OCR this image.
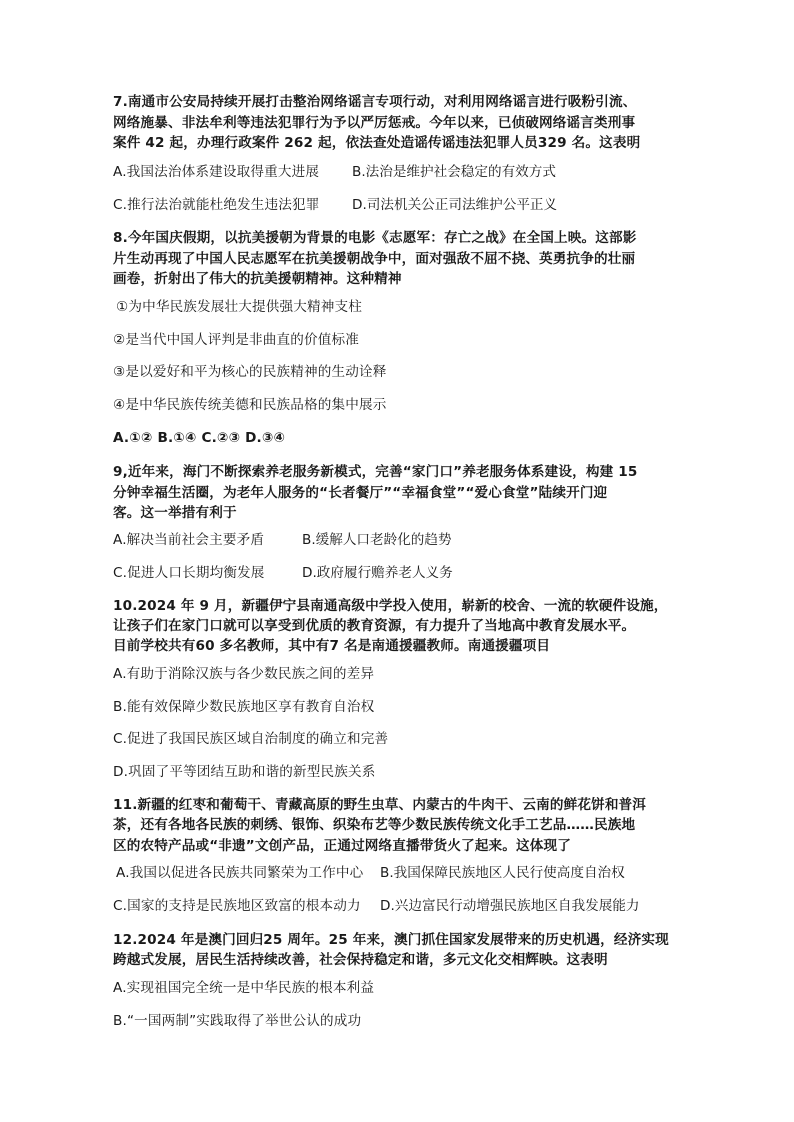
7.南通市公安局持续开展打击整治网络谣言专项行动，对利用网络谣言进行吸粉引流、
网络施暴、非法牟利等违法犯罪行为予以严厉惩戒。今年以来，已侦破网络谣言类刑事
案件 42 起，办理行政案件 262 起，依法查处造谣传谣违法犯罪人员329 名。这表明
A.我国法治体系建设取得重大进展 B.法治是维护社会稳定的有效方式
C.推行法治就能杜绝发生违法犯罪 D.司法机关公正司法维护公平正义
8.今年国庆假期，以抗美援朝为背景的电影《志愿军：存亡之战》在全国上映。这部影
片生动再现了中国人民志愿军在抗美援朝战争中，面对强敌不屈不挠、英勇抗争的壮丽
画卷，折射出了伟大的抗美援朝精神。这种精神
①为中华民族发展壮大提供强大精神支柱
②是当代中国人评判是非曲直的价值标准
③是以爱好和平为核心的民族精神的生动诠释
④是中华民族传统美德和民族品格的集中展示
A.①② B.①④ C.②③ D.③④
9,近年来，海门不断探索养老服务新模式，完善“家门口”养老服务体系建设，构建 15
分钟幸福生活圈，为老年人服务的“长者餐厅”“幸福食堂”“爱心食堂”陆续开门迎
客。这一举措有利于
A.解决当前社会主要矛盾	B.缓解人口老龄化的趋势
C.促进人口长期均衡发展	D.政府履行赡养老人义务
10.2024 年 9 月，新疆伊宁县南通高级中学投入使用，崭新的校舍、一流的软硬件设施，
让孩子们在家门口就可以享受到优质的教育资源，有力提升了当地高中教育发展水平。
目前学校共有60 多名教师，其中有7 名是南通援疆教师。南通援疆项目
A.有助于消除汉族与各少数民族之间的差异
B.能有效保障少数民族地区享有教育自治权
C.促进了我国民族区域自治制度的确立和完善
D.巩固了平等团结互助和谐的新型民族关系
11.新疆的红枣和葡萄干、青藏高原的野生虫草、内蒙古的牛肉干、云南的鲜花饼和普洱
茶，还有各地各民族的刺绣、银饰、织染布艺等少数民族传统文化手工艺品……民族地
区的农特产品或“非遗”文创产品，正通过网络直播带货火了起来。这体现了
A.我国以促进各民族共同繁荣为工作中心 B.我国保障民族地区人民行使高度自治权
C.国家的支持是民族地区致富的根本动力 D.兴边富民行动增强民族地区自我发展能力
12.2024 年是澳门回归25 周年。25 年来，澳门抓住国家发展带来的历史机遇，经济实现
跨越式发展，居民生活持续改善，社会保持稳定和谐，多元文化交相辉映。这表明
A.实现祖国完全统一是中华民族的根本利益
B.“一国两制”实践取得了举世公认的成功
